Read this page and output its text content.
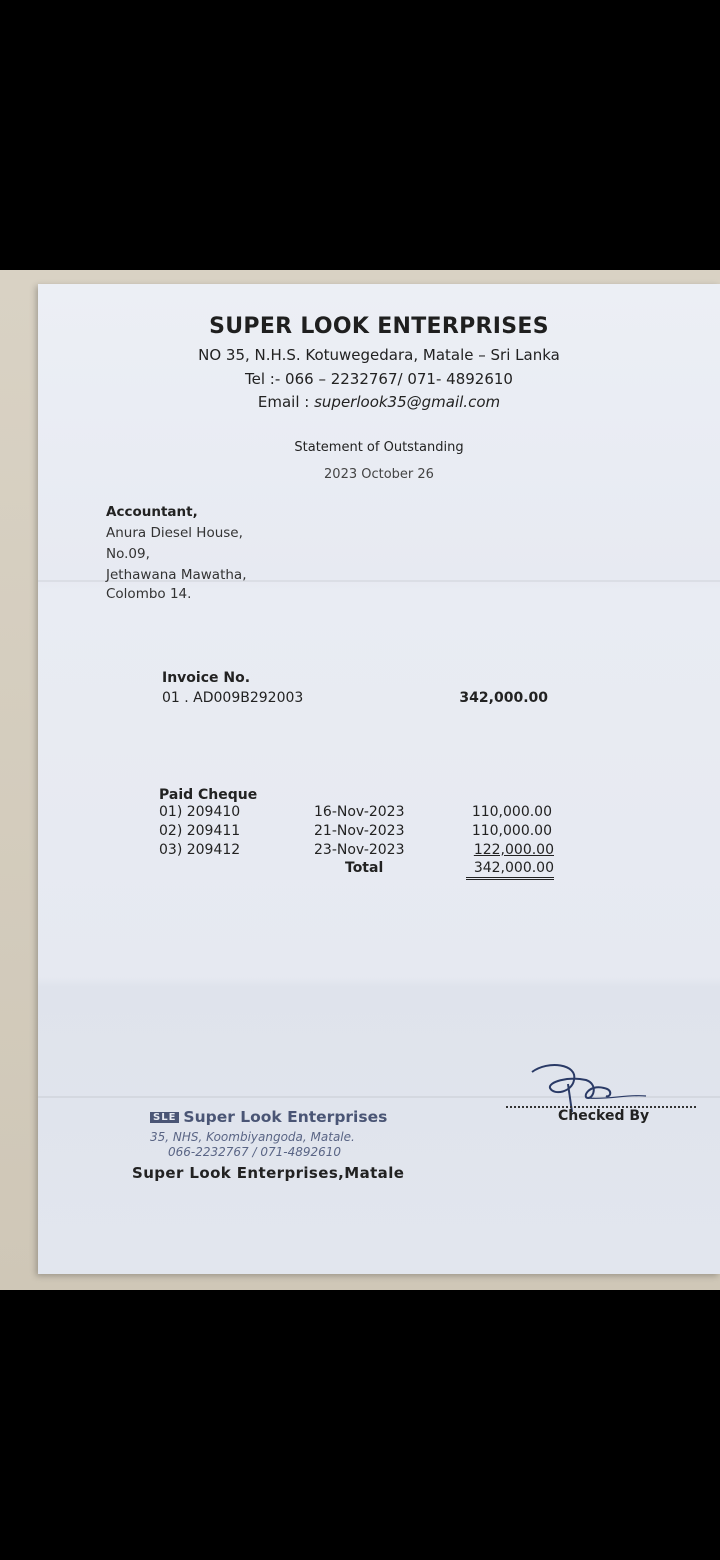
SUPER LOOK ENTERPRISES
NO 35, N.H.S. Kotuwegedara, Matale – Sri Lanka
Tel :- 066 – 2232767/ 071- 4892610
Email : superlook35@gmail.com
Statement of Outstanding
2023 October 26
Accountant,
Anura Diesel House,
No.09,
Jethawana Mawatha,
Colombo 14.
Invoice No.
01 . AD009B292003	342,000.00
Paid Cheque
01) 209410	16-Nov-2023	110,000.00
02) 209411	21-Nov-2023	110,000.00
03) 209412	23-Nov-2023	122,000.00
Total	342,000.00
Checked By
SLE Super Look Enterprises
35, NHS, Koombiyangoda, Matale.
066-2232767 / 071-4892610
Super Look Enterprises,Matale
